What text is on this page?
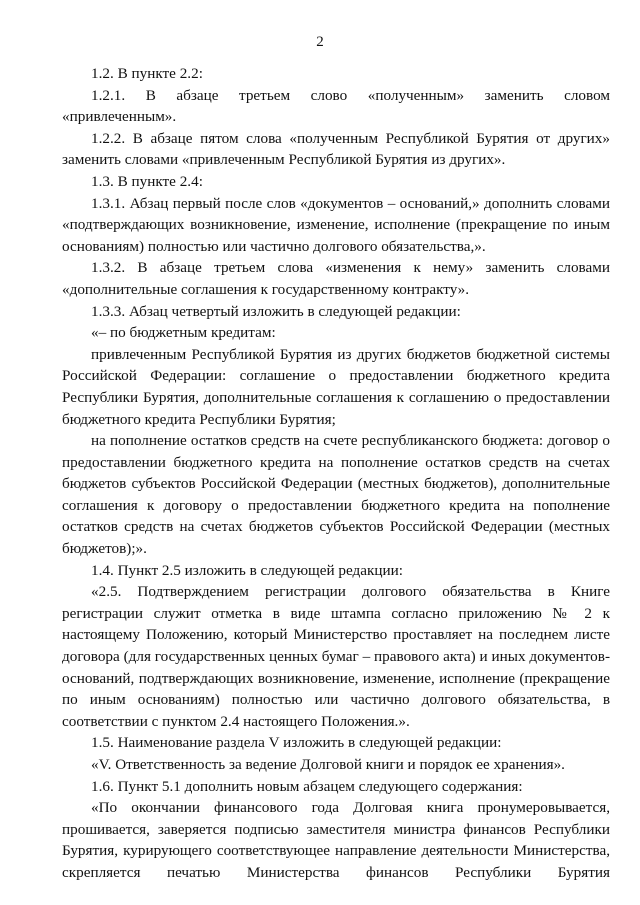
2

1.2. В пункте 2.2:

1.2.1. В абзаце третьем слово «полученным» заменить словом «привлеченным».

1.2.2. В абзаце пятом слова «полученным Республикой Бурятия от других» заменить словами «привлеченным Республикой Бурятия из других».

1.3. В пункте 2.4:

1.3.1. Абзац первый после слов «документов – оснований,» дополнить словами «подтверждающих возникновение, изменение, исполнение (прекращение по иным основаниям) полностью или частично долгового обязательства,».

1.3.2. В абзаце третьем слова «изменения к нему» заменить словами «дополнительные соглашения к государственному контракту».

1.3.3. Абзац четвертый изложить в следующей редакции:

«– по бюджетным кредитам:

привлеченным Республикой Бурятия из других бюджетов бюджетной системы Российской Федерации: соглашение о предоставлении бюджетного кредита Республики Бурятия, дополнительные соглашения к соглашению о предоставлении бюджетного кредита Республики Бурятия;

на пополнение остатков средств на счете республиканского бюджета: договор о предоставлении бюджетного кредита на пополнение остатков средств на счетах бюджетов субъектов Российской Федерации (местных бюджетов), дополнительные соглашения к договору о предоставлении бюджетного кредита на пополнение остатков средств на счетах бюджетов субъектов Российской Федерации (местных бюджетов);».

1.4. Пункт 2.5 изложить в следующей редакции:

«2.5. Подтверждением регистрации долгового обязательства в Книге регистрации служит отметка в виде штампа согласно приложению № 2 к настоящему Положению, который Министерство проставляет на последнем листе договора (для государственных ценных бумаг – правового акта) и иных документов-оснований, подтверждающих возникновение, изменение, исполнение (прекращение по иным основаниям) полностью или частично долгового обязательства, в соответствии с пунктом 2.4 настоящего Положения.».

1.5. Наименование раздела V изложить в следующей редакции:

«V. Ответственность за ведение Долговой книги и порядок ее хранения».

1.6. Пункт 5.1 дополнить новым абзацем следующего содержания:

«По окончании финансового года Долговая книга пронумеровывается, прошивается, заверяется подписью заместителя министра финансов Республики Бурятия, курирующего соответствующее направление деятельности Министерства, скрепляется печатью Министерства финансов Республики Бурятия
